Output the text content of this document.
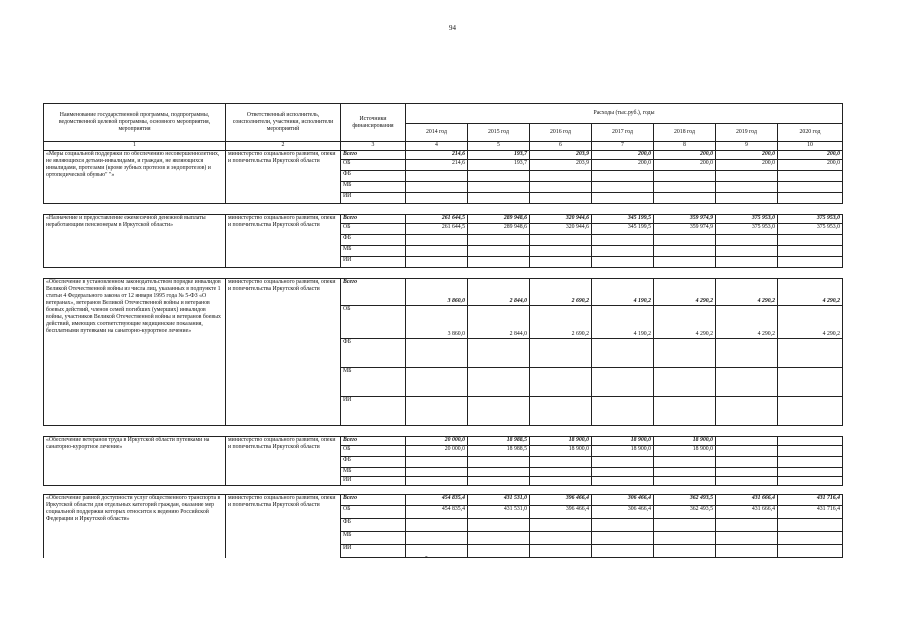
94
Наименование государственной программы, подпрограммы, ведомственной целевой программы, основного мероприятия, мероприятия	Ответственный исполнитель, соисполнители, участники, исполнители мероприятий	Источники финансирования	Расходы (тыс.руб.), годы						
			2014 год	2015 год	2016 год	2017 год	2018 год	2019 год	2020 год
1	2	3	4	5	6	7	8	9	10
«Меры социальной поддержки по обеспечению несовершеннолетних, не являющихся детьми-инвалидами, и граждан, не являющихся инвалидами, протезами (кроме зубных протезов и эндопротезов) и ортопедической обувью" "»	министерство социального развития, опеки и попечительства Иркутской области	Всего	214,6	193,7	203,9	200,0	200,0	200,0	200,0
		ОБ	214,6	193,7	203,9	200,0	200,0	200,0	200,0
		ФБ							
		МБ							
		ИИ							

«Назначение и предоставление ежемесячной денежной выплаты неработающим пенсионерам в Иркутской области»	министерство социального развития, опеки и попечительства Иркутской области	Всего	261 644,5	289 948,6	320 944,6	345 199,5	359 974,9	375 953,0	375 953,0
		ОБ	261 644,5	289 948,6	320 944,6	345 199,5	359 974,9	375 953,0	375 953,0
		ФБ							
		МБ							
		ИИ							

«Обеспечение в установленном законодательством порядке инвалидов Великой Отечественной войны из числа лиц, указанных в подпункте 1 статьи 4 Федерального закона от 12 января 1995 года № 5-ФЗ «О ветеранах», ветеранов Великой Отечественной войны и ветеранов боевых действий, членов семей погибших (умерших) инвалидов войны, участников Великой Отечественной войны и ветеранов боевых действий, имеющих соответствующие медицинские показания, бесплатными путевками на санаторно-курортное лечение»	министерство социального развития, опеки и попечительства Иркутской области	Всего	3 860,0	2 844,0	2 690,2	4 190,2	4 290,2	4 290,2	4 290,2
		ОБ	3 860,0	2 844,0	2 690,2	4 190,2	4 290,2	4 290,2	4 290,2
		ФБ							
		МБ							
		ИИ							

«Обеспечение ветеранов труда в Иркутской области путевками на санаторно-курортное лечение»	министерство социального развития, опеки и попечительства Иркутской области	Всего	20 000,0	18 988,5	18 900,0	18 900,0	18 900,0		
		ОБ	20 000,0	18 988,5	18 900,0	18 900,0	18 900,0		
		ФБ							
		МБ							
		ИИ							

«Обеспечение равной доступности услуг общественного транспорта в Иркутской области для отдельных категорий граждан, оказание мер социальной поддержки которых относится к ведению Российской Федерации и Иркутской области»	министерство социального развития, опеки и попечительства Иркутской области	Всего	454 835,4	431 531,0	396 466,4	306 466,4	362 493,5	431 666,4	431 716,4
		ОБ	454 835,4	431 531,0	396 466,4	306 466,4	362 493,5	431 666,4	431 716,4
		ФБ							
		МБ							
		ИИ							
-
